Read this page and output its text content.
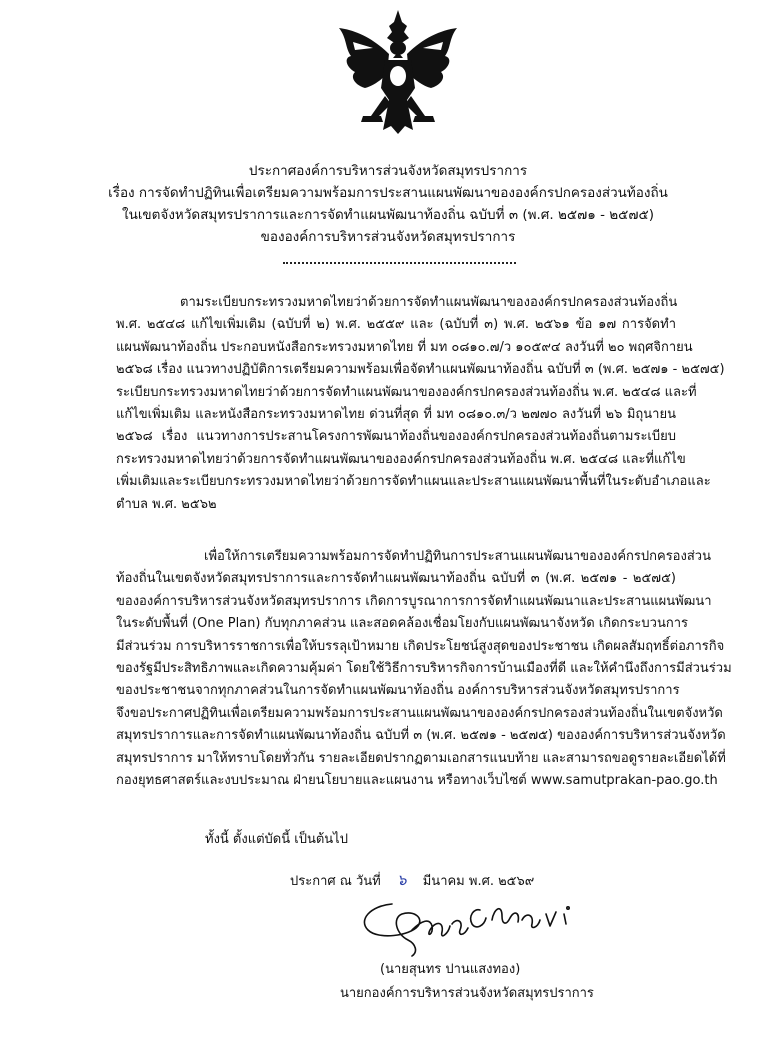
ประกาศองค์การบริหารส่วนจังหวัดสมุทรปราการ
เรื่อง การจัดทำปฏิทินเพื่อเตรียมความพร้อมการประสานแผนพัฒนาขององค์กรปกครองส่วนท้องถิ่น
ในเขตจังหวัดสมุทรปราการและการจัดทำแผนพัฒนาท้องถิ่น ฉบับที่ ๓ (พ.ศ. ๒๕๗๑ - ๒๕๗๕)
ขององค์การบริหารส่วนจังหวัดสมุทรปราการ
ตามระเบียบกระทรวงมหาดไทยว่าด้วยการจัดทำแผนพัฒนาขององค์กรปกครองส่วนท้องถิ่น
พ.ศ. ๒๕๔๘ แก้ไขเพิ่มเติม (ฉบับที่ ๒) พ.ศ. ๒๕๕๙ และ (ฉบับที่ ๓) พ.ศ. ๒๕๖๑ ข้อ ๑๗ การจัดทำ
แผนพัฒนาท้องถิ่น ประกอบหนังสือกระทรวงมหาดไทย ที่ มท ๐๘๑๐.๗/ว ๑๐๕๙๔ ลงวันที่ ๒๐ พฤศจิกายน
๒๕๖๘ เรื่อง แนวทางปฏิบัติการเตรียมความพร้อมเพื่อจัดทำแผนพัฒนาท้องถิ่น ฉบับที่ ๓ (พ.ศ. ๒๕๗๑ - ๒๕๗๕)
ระเบียบกระทรวงมหาดไทยว่าด้วยการจัดทำแผนพัฒนาขององค์กรปกครองส่วนท้องถิ่น พ.ศ. ๒๕๔๘ และที่
แก้ไขเพิ่มเติม และหนังสือกระทรวงมหาดไทย ด่วนที่สุด ที่ มท ๐๘๑๐.๓/ว ๒๗๗๐ ลงวันที่ ๒๖ มิถุนายน
๒๕๖๘ เรื่อง แนวทางการประสานโครงการพัฒนาท้องถิ่นขององค์กรปกครองส่วนท้องถิ่นตามระเบียบ
กระทรวงมหาดไทยว่าด้วยการจัดทำแผนพัฒนาขององค์กรปกครองส่วนท้องถิ่น พ.ศ. ๒๕๔๘ และที่แก้ไข
เพิ่มเติมและระเบียบกระทรวงมหาดไทยว่าด้วยการจัดทำแผนและประสานแผนพัฒนาพื้นที่ในระดับอำเภอและ
ตำบล พ.ศ. ๒๕๖๒
เพื่อให้การเตรียมความพร้อมการจัดทำปฏิทินการประสานแผนพัฒนาขององค์กรปกครองส่วน
ท้องถิ่นในเขตจังหวัดสมุทรปราการและการจัดทำแผนพัฒนาท้องถิ่น ฉบับที่ ๓ (พ.ศ. ๒๕๗๑ - ๒๕๗๕)
ขององค์การบริหารส่วนจังหวัดสมุทรปราการ เกิดการบูรณาการการจัดทำแผนพัฒนาและประสานแผนพัฒนา
ในระดับพื้นที่ (One Plan) กับทุกภาคส่วน และสอดคล้องเชื่อมโยงกับแผนพัฒนาจังหวัด เกิดกระบวนการ
มีส่วนร่วม การบริหารราชการเพื่อให้บรรลุเป้าหมาย เกิดประโยชน์สูงสุดของประชาชน เกิดผลสัมฤทธิ์ต่อภารกิจ
ของรัฐมีประสิทธิภาพและเกิดความคุ้มค่า โดยใช้วิธีการบริหารกิจการบ้านเมืองที่ดี และให้คำนึงถึงการมีส่วนร่วม
ของประชาชนจากทุกภาคส่วนในการจัดทำแผนพัฒนาท้องถิ่น องค์การบริหารส่วนจังหวัดสมุทรปราการ
จึงขอประกาศปฏิทินเพื่อเตรียมความพร้อมการประสานแผนพัฒนาขององค์กรปกครองส่วนท้องถิ่นในเขตจังหวัด
สมุทรปราการและการจัดทำแผนพัฒนาท้องถิ่น ฉบับที่ ๓ (พ.ศ. ๒๕๗๑ - ๒๕๗๕) ขององค์การบริหารส่วนจังหวัด
สมุทรปราการ มาให้ทราบโดยทั่วกัน รายละเอียดปรากฏตามเอกสารแนบท้าย และสามารถขอดูรายละเอียดได้ที่
กองยุทธศาสตร์และงบประมาณ ฝ่ายนโยบายและแผนงาน หรือทางเว็บไซต์ www.samutprakan-pao.go.th
ทั้งนี้ ตั้งแต่บัดนี้ เป็นต้นไป
ประกาศ ณ วันที่ ๖ มีนาคม พ.ศ. ๒๕๖๙
(นายสุนทร ปานแสงทอง)
นายกองค์การบริหารส่วนจังหวัดสมุทรปราการ
